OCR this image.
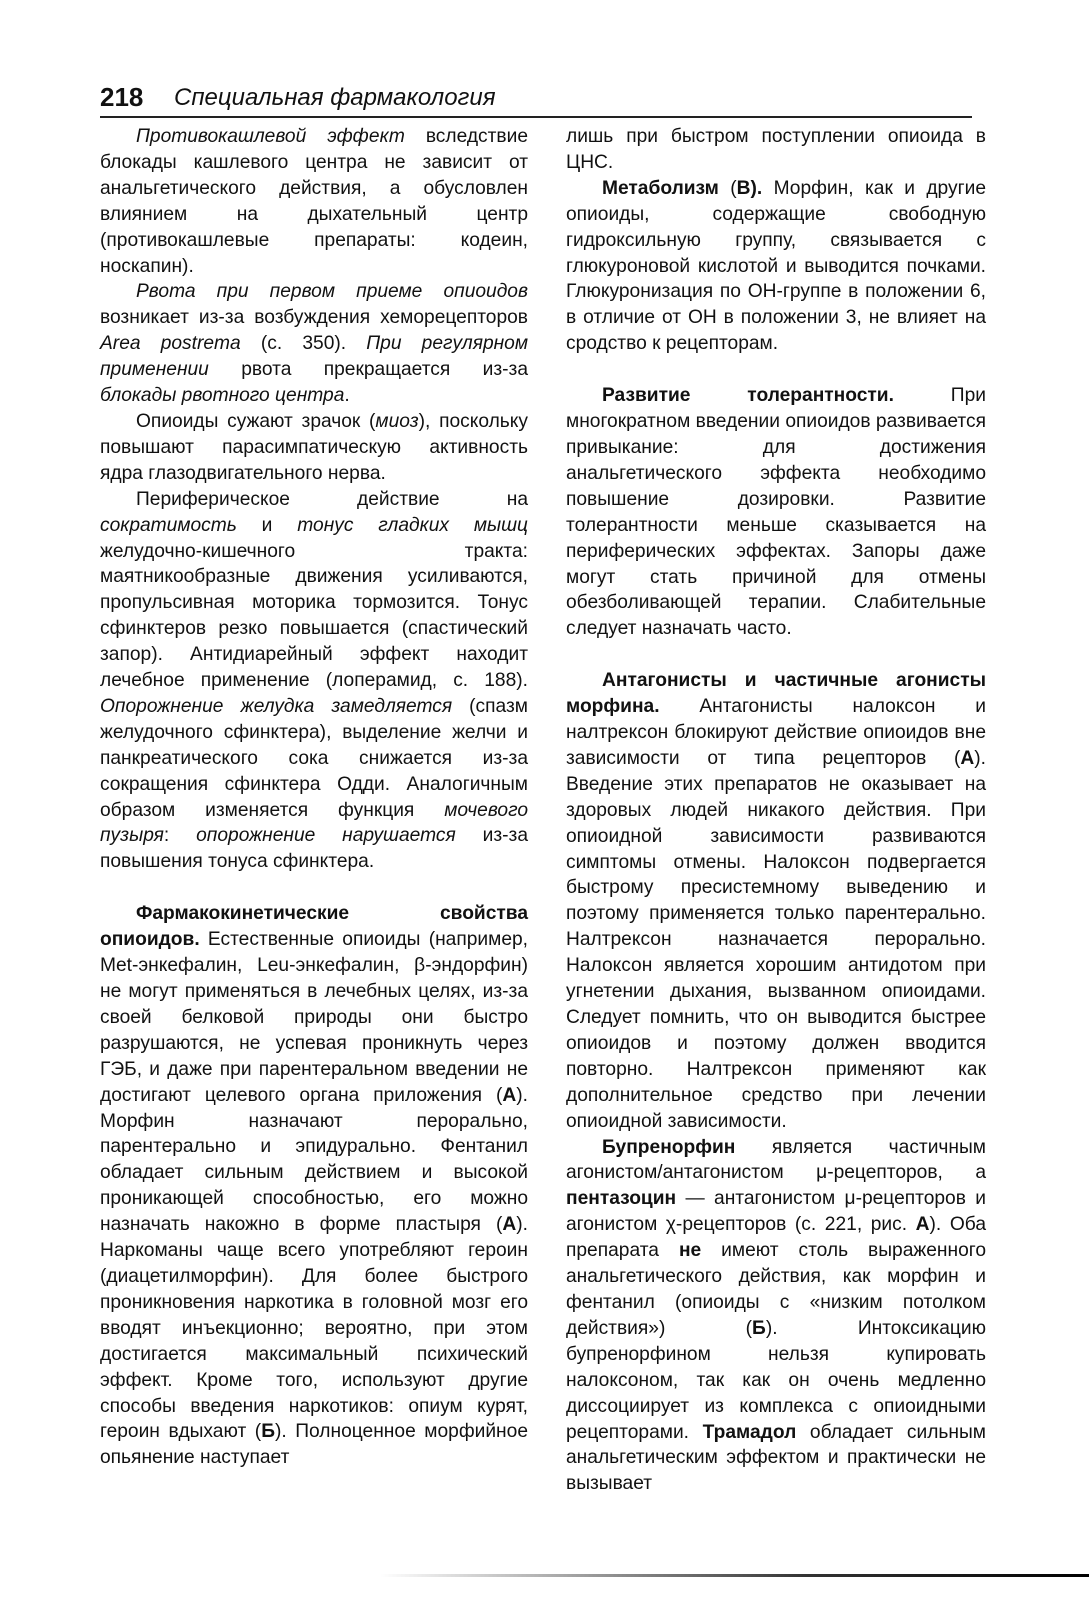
218 Специальная фармакология

Противокашлевой эффект вследствие блокады кашлевого центра не зависит от анальгетического действия, а обусловлен влиянием на дыхательный центр (противокашлевые препараты: кодеин, носкапин).

Рвота при первом приеме опиоидов возникает из-за возбуждения хеморецепторов Area postrema (с. 350). При регулярном применении рвота прекращается из-за блокады рвотного центра.

Опиоиды сужают зрачок (миоз), поскольку повышают парасимпатическую активность ядра глазодвигательного нерва.

Периферическое действие на сократимость и тонус гладких мышц желудочно-кишечного тракта: маятникообразные движения усиливаются, пропульсивная моторика тормозится. Тонус сфинктеров резко повышается (спастический запор). Антидиарейный эффект находит лечебное применение (лоперамид, с. 188). Опорожнение желудка замедляется (спазм желудочного сфинктера), выделение желчи и панкреатического сока снижается из-за сокращения сфинктера Одди. Аналогичным образом изменяется функция мочевого пузыря: опорожнение нарушается из-за повышения тонуса сфинктера.

Фармакокинетические свойства опиоидов. Естественные опиоиды (например, Met-энкефалин, Leu-энкефалин, β-эндорфин) не могут применяться в лечебных целях, из-за своей белковой природы они быстро разрушаются, не успевая проникнуть через ГЭБ, и даже при парентеральном введении не достигают целевого органа приложения (А). Морфин назначают перорально, парентерально и эпидурально. Фентанил обладает сильным действием и высокой проникающей способностью, его можно назначать накожно в форме пластыря (А). Наркоманы чаще всего употребляют героин (диацетилморфин). Для более быстрого проникновения наркотика в головной мозг его вводят инъекционно; вероятно, при этом достигается максимальный психический эффект. Кроме того, используют другие способы введения наркотиков: опиум курят, героин вдыхают (Б). Полноценное морфийное опьянение наступает

лишь при быстром поступлении опиоида в ЦНС.

Метаболизм (В). Морфин, как и другие опиоиды, содержащие свободную гидроксильную группу, связывается с глюкуроновой кислотой и выводится почками. Глюкуронизация по ОН-группе в положении 6, в отличие от ОН в положении 3, не влияет на сродство к рецепторам.

Развитие толерантности. При многократном введении опиоидов развивается привыкание: для достижения анальгетического эффекта необходимо повышение дозировки. Развитие толерантности меньше сказывается на периферических эффектах. Запоры даже могут стать причиной для отмены обезболивающей терапии. Слабительные следует назначать часто.

Антагонисты и частичные агонисты морфина. Антагонисты налоксон и налтрексон блокируют действие опиоидов вне зависимости от типа рецепторов (А). Введение этих препаратов не оказывает на здоровых людей никакого действия. При опиоидной зависимости развиваются симптомы отмены. Налоксон подвергается быстрому пресистемному выведению и поэтому применяется только парентерально. Налтрексон назначается перорально. Налоксон является хорошим антидотом при угнетении дыхания, вызванном опиоидами. Следует помнить, что он выводится быстрее опиоидов и поэтому должен вводится повторно. Налтрексон применяют как дополнительное средство при лечении опиоидной зависимости.

Бупренорфин является частичным агонистом/антагонистом μ-рецепторов, а пентазоцин — антагонистом μ-рецепторов и агонистом χ-рецепторов (с. 221, рис. А). Оба препарата не имеют столь выраженного анальгетического действия, как морфин и фентанил (опиоиды с «низким потолком действия») (Б). Интоксикацию бупренорфином нельзя купировать налоксоном, так как он очень медленно диссоциирует из комплекса с опиоидными рецепторами. Трамадол обладает сильным анальгетическим эффектом и практически не вызывает
